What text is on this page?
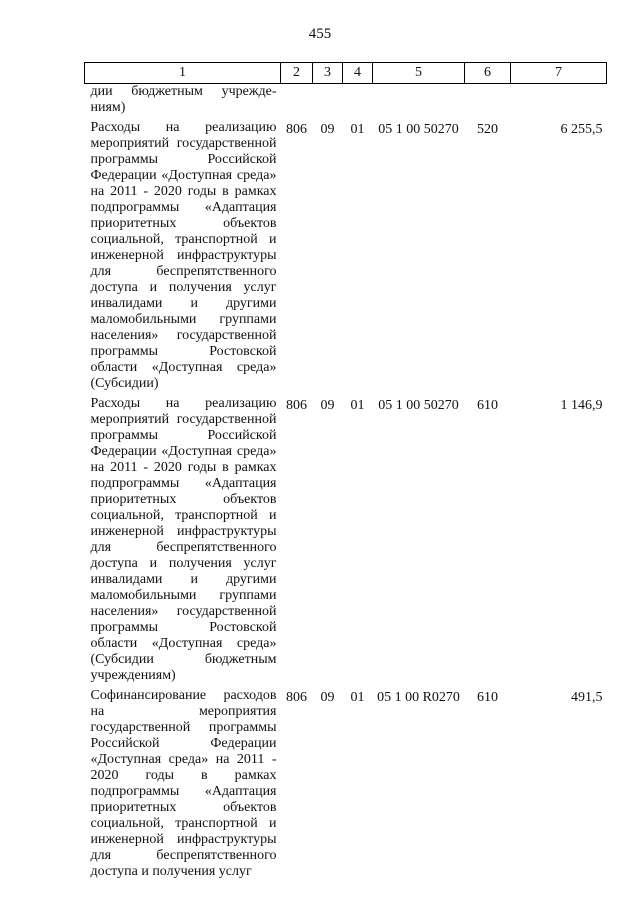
455
1	2	3	4	5	6	7
дии бюджетным учрежде-ниям)						
Расходы на реализацию мероприятий государственной программы Российской Федерации «Доступная среда» на 2011 - 2020 годы в рамках подпрограммы «Адаптация приоритетных объектов социальной, транспортной и инженерной инфраструктуры для беспрепятственного доступа и получения услуг инвалидами и другими маломобильными группами населения» государственной программы Ростовской области «Доступная среда» (Субсидии)	806	09	01	05 1 00 50270	520	6 255,5
Расходы на реализацию мероприятий государственной программы Российской Федерации «Доступная среда» на 2011 - 2020 годы в рамках подпрограммы «Адаптация приоритетных объектов социальной, транспортной и инженерной инфраструктуры для беспрепятственного доступа и получения услуг инвалидами и другими маломобильными группами населения» государственной программы Ростовской области «Доступная среда» (Субсидии бюджетным учреждениям)	806	09	01	05 1 00 50270	610	1 146,9
Софинансирование расходов на мероприятия государственной программы Российской Федерации «Доступная среда» на 2011 - 2020 годы в рамках подпрограммы «Адаптация приоритетных объектов социальной, транспортной и инженерной инфраструктуры для беспрепятственного доступа и получения услуг	806	09	01	05 1 00 R0270	610	491,5
